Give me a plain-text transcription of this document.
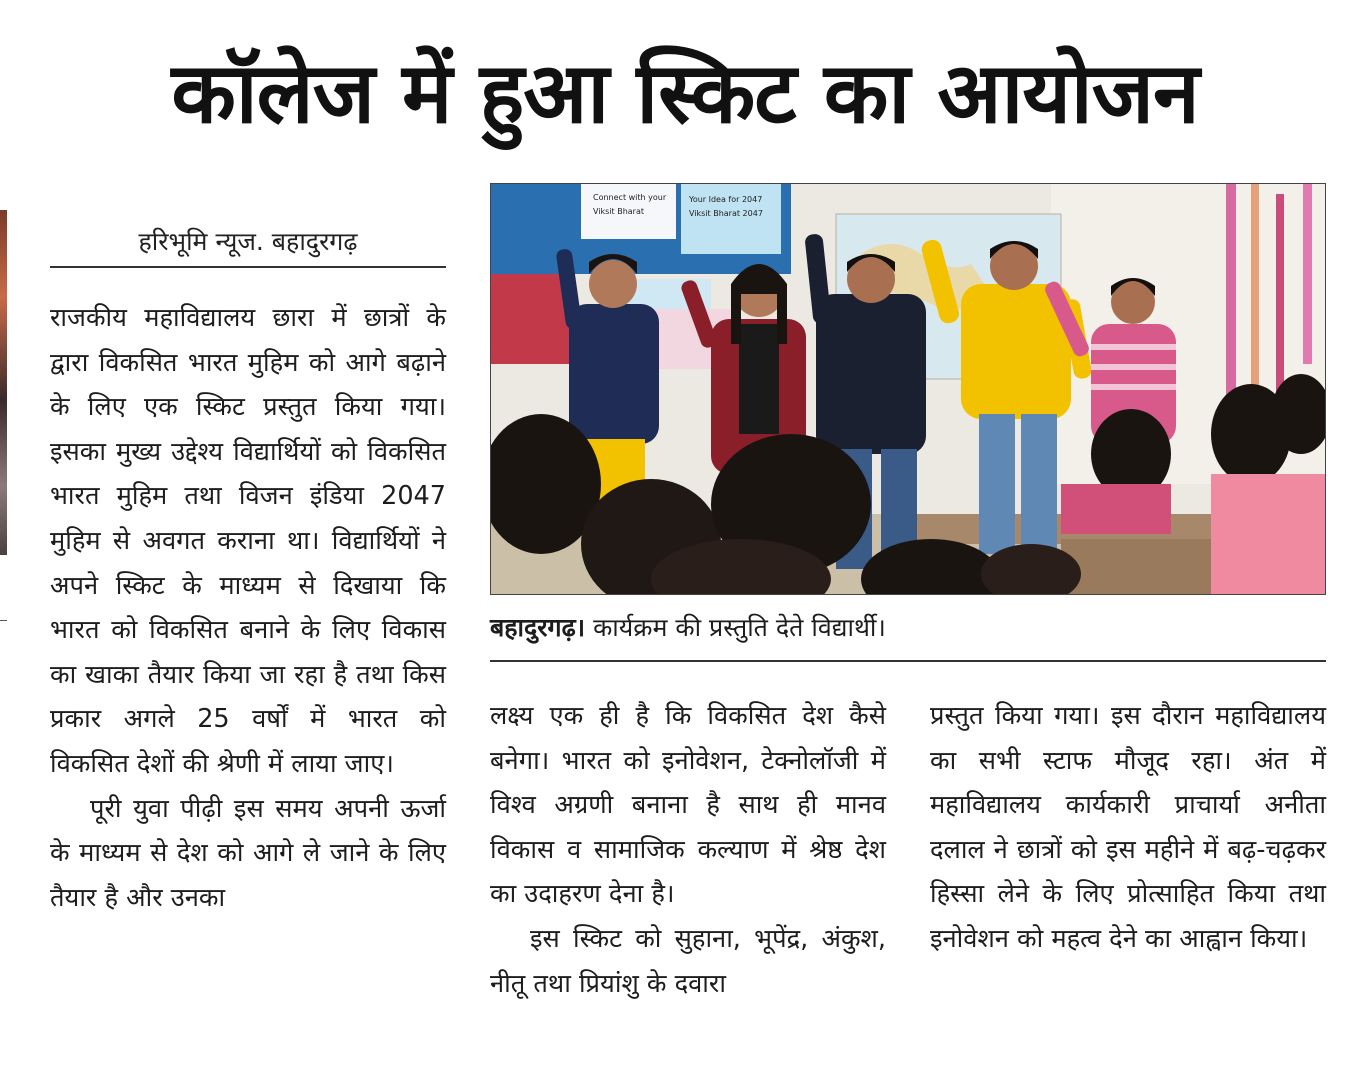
कॉलेज में हुआ स्किट का आयोजन
हरिभूमि न्यूज. बहादुरगढ़

राजकीय महाविद्यालय छारा में छात्रों के द्वारा विकसित भारत मुहिम को आगे बढ़ाने के लिए एक स्किट प्रस्तुत किया गया। इसका मुख्य उद्देश्य विद्यार्थियों को विकसित भारत मुहिम तथा विजन इंडिया 2047 मुहिम से अवगत कराना था। विद्यार्थियों ने अपने स्किट के माध्यम से दिखाया कि भारत को विकसित बनाने के लिए विकास का खाका तैयार किया जा रहा है तथा किस प्रकार अगले 25 वर्षों में भारत को विकसित देशों की श्रेणी में लाया जाए।

पूरी युवा पीढ़ी इस समय अपनी ऊर्जा के माध्यम से देश को आगे ले जाने के लिए तैयार है और उनका

Connect with your
Viksit Bharat
Your Idea for 2047
Viksit Bharat 2047
बहादुरगढ़। कार्यक्रम की प्रस्तुति देते विद्यार्थी।

लक्ष्य एक ही है कि विकसित देश कैसे बनेगा। भारत को इनोवेशन, टेक्नोलॉजी में विश्व अग्रणी बनाना है साथ ही मानव विकास व सामाजिक कल्याण में श्रेष्ठ देश का उदाहरण देना है।

इस स्किट को सुहाना, भूपेंद्र, अंकुश, नीतू तथा प्रियांशु के दवारा

प्रस्तुत किया गया। इस दौरान महाविद्यालय का सभी स्टाफ मौजूद रहा। अंत में महाविद्यालय कार्यकारी प्राचार्या अनीता दलाल ने छात्रों को इस महीने में बढ़-चढ़कर हिस्सा लेने के लिए प्रोत्साहित किया तथा इनोवेशन को महत्व देने का आह्वान किया।
